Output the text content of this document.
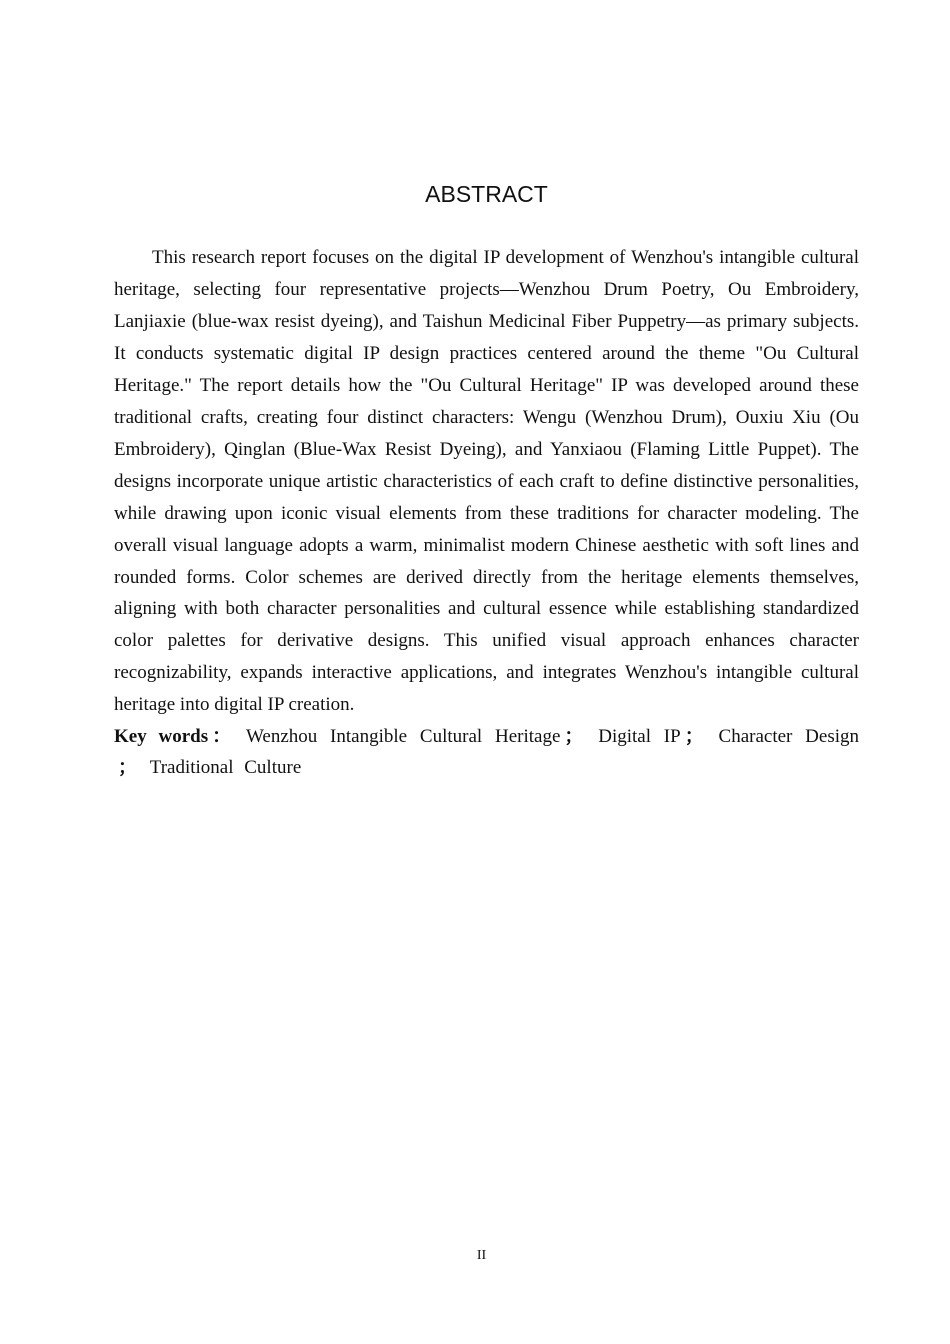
ABSTRACT

This research report focuses on the digital IP development of Wenzhou's intangible cultural heritage, selecting four representative projects—Wenzhou Drum Poetry, Ou Embroidery, Lanjiaxie (blue-wax resist dyeing), and Taishun Medicinal Fiber Puppetry—as primary subjects. It conducts systematic digital IP design practices centered around the theme "Ou Cultural Heritage." The report details how the "Ou Cultural Heritage" IP was developed around these traditional crafts, creating four distinct characters: Wengu (Wenzhou Drum), Ouxiu Xiu (Ou Embroidery), Qinglan (Blue-Wax Resist Dyeing), and Yanxiaou (Flaming Little Puppet). The designs incorporate unique artistic characteristics of each craft to define distinctive personalities, while drawing upon iconic visual elements from these traditions for character modeling. The overall visual language adopts a warm, minimalist modern Chinese aesthetic with soft lines and rounded forms. Color schemes are derived directly from the heritage elements themselves, aligning with both character personalities and cultural essence while establishing standardized color palettes for derivative designs. This unified visual approach enhances character recognizability, expands interactive applications, and integrates Wenzhou's intangible cultural heritage into digital IP creation.

Key words ： Wenzhou Intangible Cultural Heritage ； Digital IP ； Character Design； Traditional Culture

II
